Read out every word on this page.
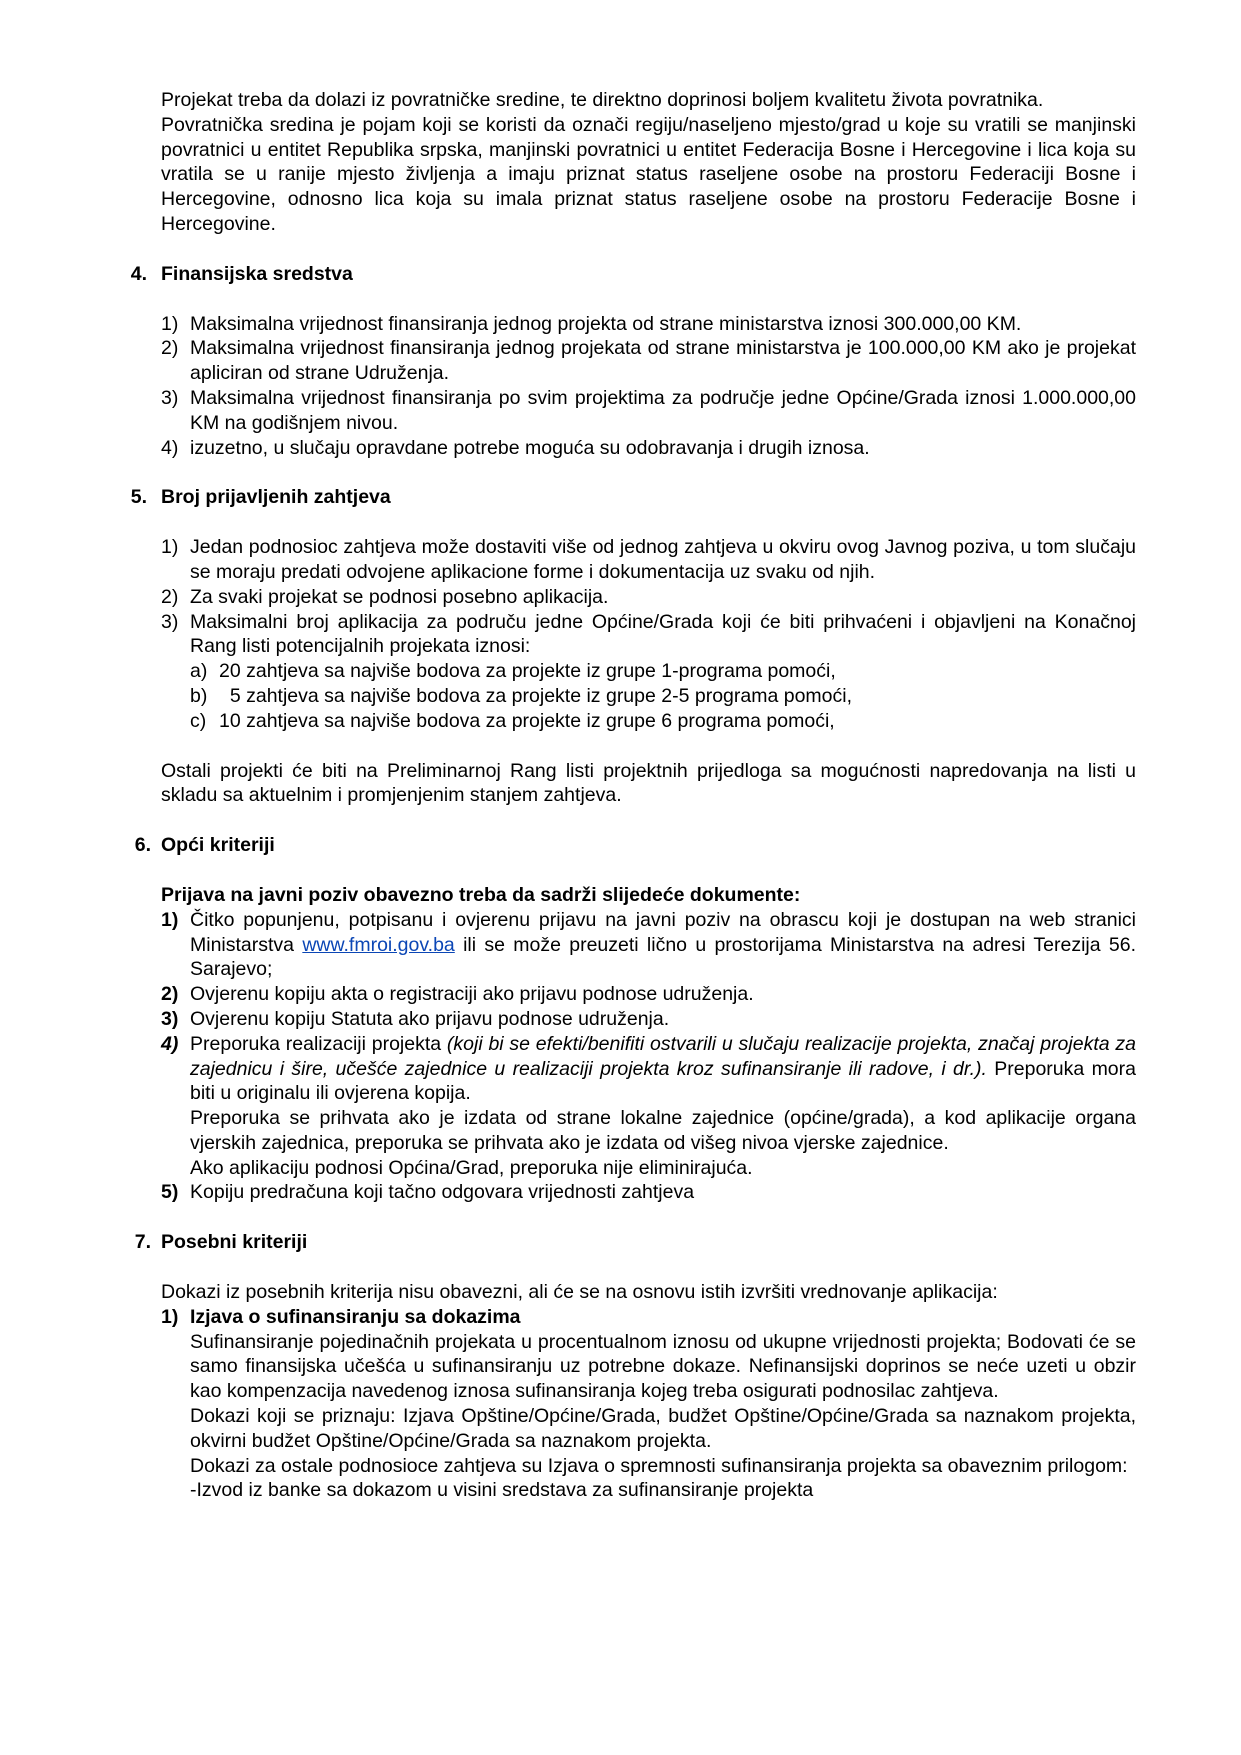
Projekat treba da dolazi iz povratničke sredine, te direktno doprinosi boljem kvalitetu života povratnika.

Povratnička sredina je pojam koji se koristi da označi regiju/naseljeno mjesto/grad u koje su vratili se manjinski povratnici u entitet Republika srpska, manjinski povratnici u entitet Federacija Bosne i Hercegovine i lica koja su vratila se u ranije mjesto življenja a imaju priznat status raseljene osobe na prostoru Federaciji Bosne i Hercegovine, odnosno lica koja su imala priznat status raseljene osobe na prostoru Federacije Bosne i Hercegovine.

4. Finansijska sredstva
1) Maksimalna vrijednost finansiranja jednog projekta od strane ministarstva iznosi 300.000,00 KM.
2) Maksimalna vrijednost finansiranja jednog projekata od strane ministarstva je 100.000,00 KM ako je projekat apliciran od strane Udruženja.
3) Maksimalna vrijednost finansiranja po svim projektima za područje jedne Općine/Grada iznosi 1.000.000,00 KM na godišnjem nivou.
4) izuzetno, u slučaju opravdane potrebe moguća su odobravanja i drugih iznosa.
5. Broj prijavljenih zahtjeva
1) Jedan podnosioc zahtjeva može dostaviti više od jednog zahtjeva u okviru ovog Javnog poziva, u tom slučaju se moraju predati odvojene aplikacione forme i dokumentacija uz svaku od njih.
2) Za svaki projekat se podnosi posebno aplikacija.
3) Maksimalni broj aplikacija za područu jedne Općine/Grada koji će biti prihvaćeni i objavljeni na Konačnoj Rang listi potencijalnih projekata iznosi:
a) 20 zahtjeva sa najviše bodova za projekte iz grupe 1-programa pomoći,
b) 5 zahtjeva sa najviše bodova za projekte iz grupe 2-5 programa pomoći,
c) 10 zahtjeva sa najviše bodova za projekte iz grupe 6 programa pomoći,

Ostali projekti će biti na Preliminarnoj Rang listi projektnih prijedloga sa mogućnosti napredovanja na listi u skladu sa aktuelnim i promjenjenim stanjem zahtjeva.

6. Opći kriteriji

Prijava na javni poziv obavezno treba da sadrži slijedeće dokumente:

1) Čitko popunjenu, potpisanu i ovjerenu prijavu na javni poziv na obrascu koji je dostupan na web stranici Ministarstva www.fmroi.gov.ba ili se može preuzeti lično u prostorijama Ministarstva na adresi Terezija 56. Sarajevo;
2) Ovjerenu kopiju akta o registraciji ako prijavu podnose udruženja.
3) Ovjerenu kopiju Statuta ako prijavu podnose udruženja.
4) Preporuka realizaciji projekta (koji bi se efekti/benifiti ostvarili u slučaju realizacije projekta, značaj projekta za zajednicu i šire, učešće zajednice u realizaciji projekta kroz sufinansiranje ili radove, i dr.). Preporuka mora biti u originalu ili ovjerena kopija.

Preporuka se prihvata ako je izdata od strane lokalne zajednice (općine/grada), a kod aplikacije organa vjerskih zajednica, preporuka se prihvata ako je izdata od višeg nivoa vjerske zajednice.

Ako aplikaciju podnosi Općina/Grad, preporuka nije eliminirajuća.

5) Kopiju predračuna koji tačno odgovara vrijednosti zahtjeva
7. Posebni kriteriji

Dokazi iz posebnih kriterija nisu obavezni, ali će se na osnovu istih izvršiti vrednovanje aplikacija:

1) Izjava o sufinansiranju sa dokazima

Sufinansiranje pojedinačnih projekata u procentualnom iznosu od ukupne vrijednosti projekta; Bodovati će se samo finansijska učešća u sufinansiranju uz potrebne dokaze. Nefinansijski doprinos se neće uzeti u obzir kao kompenzacija navedenog iznosa sufinansiranja kojeg treba osigurati podnosilac zahtjeva.

Dokazi koji se priznaju: Izjava Opštine/Općine/Grada, budžet Opštine/Općine/Grada sa naznakom projekta, okvirni budžet Opštine/Općine/Grada sa naznakom projekta.

Dokazi za ostale podnosioce zahtjeva su Izjava o spremnosti sufinansiranja projekta sa obaveznim prilogom:

-Izvod iz banke sa dokazom u visini sredstava za sufinansiranje projekta
